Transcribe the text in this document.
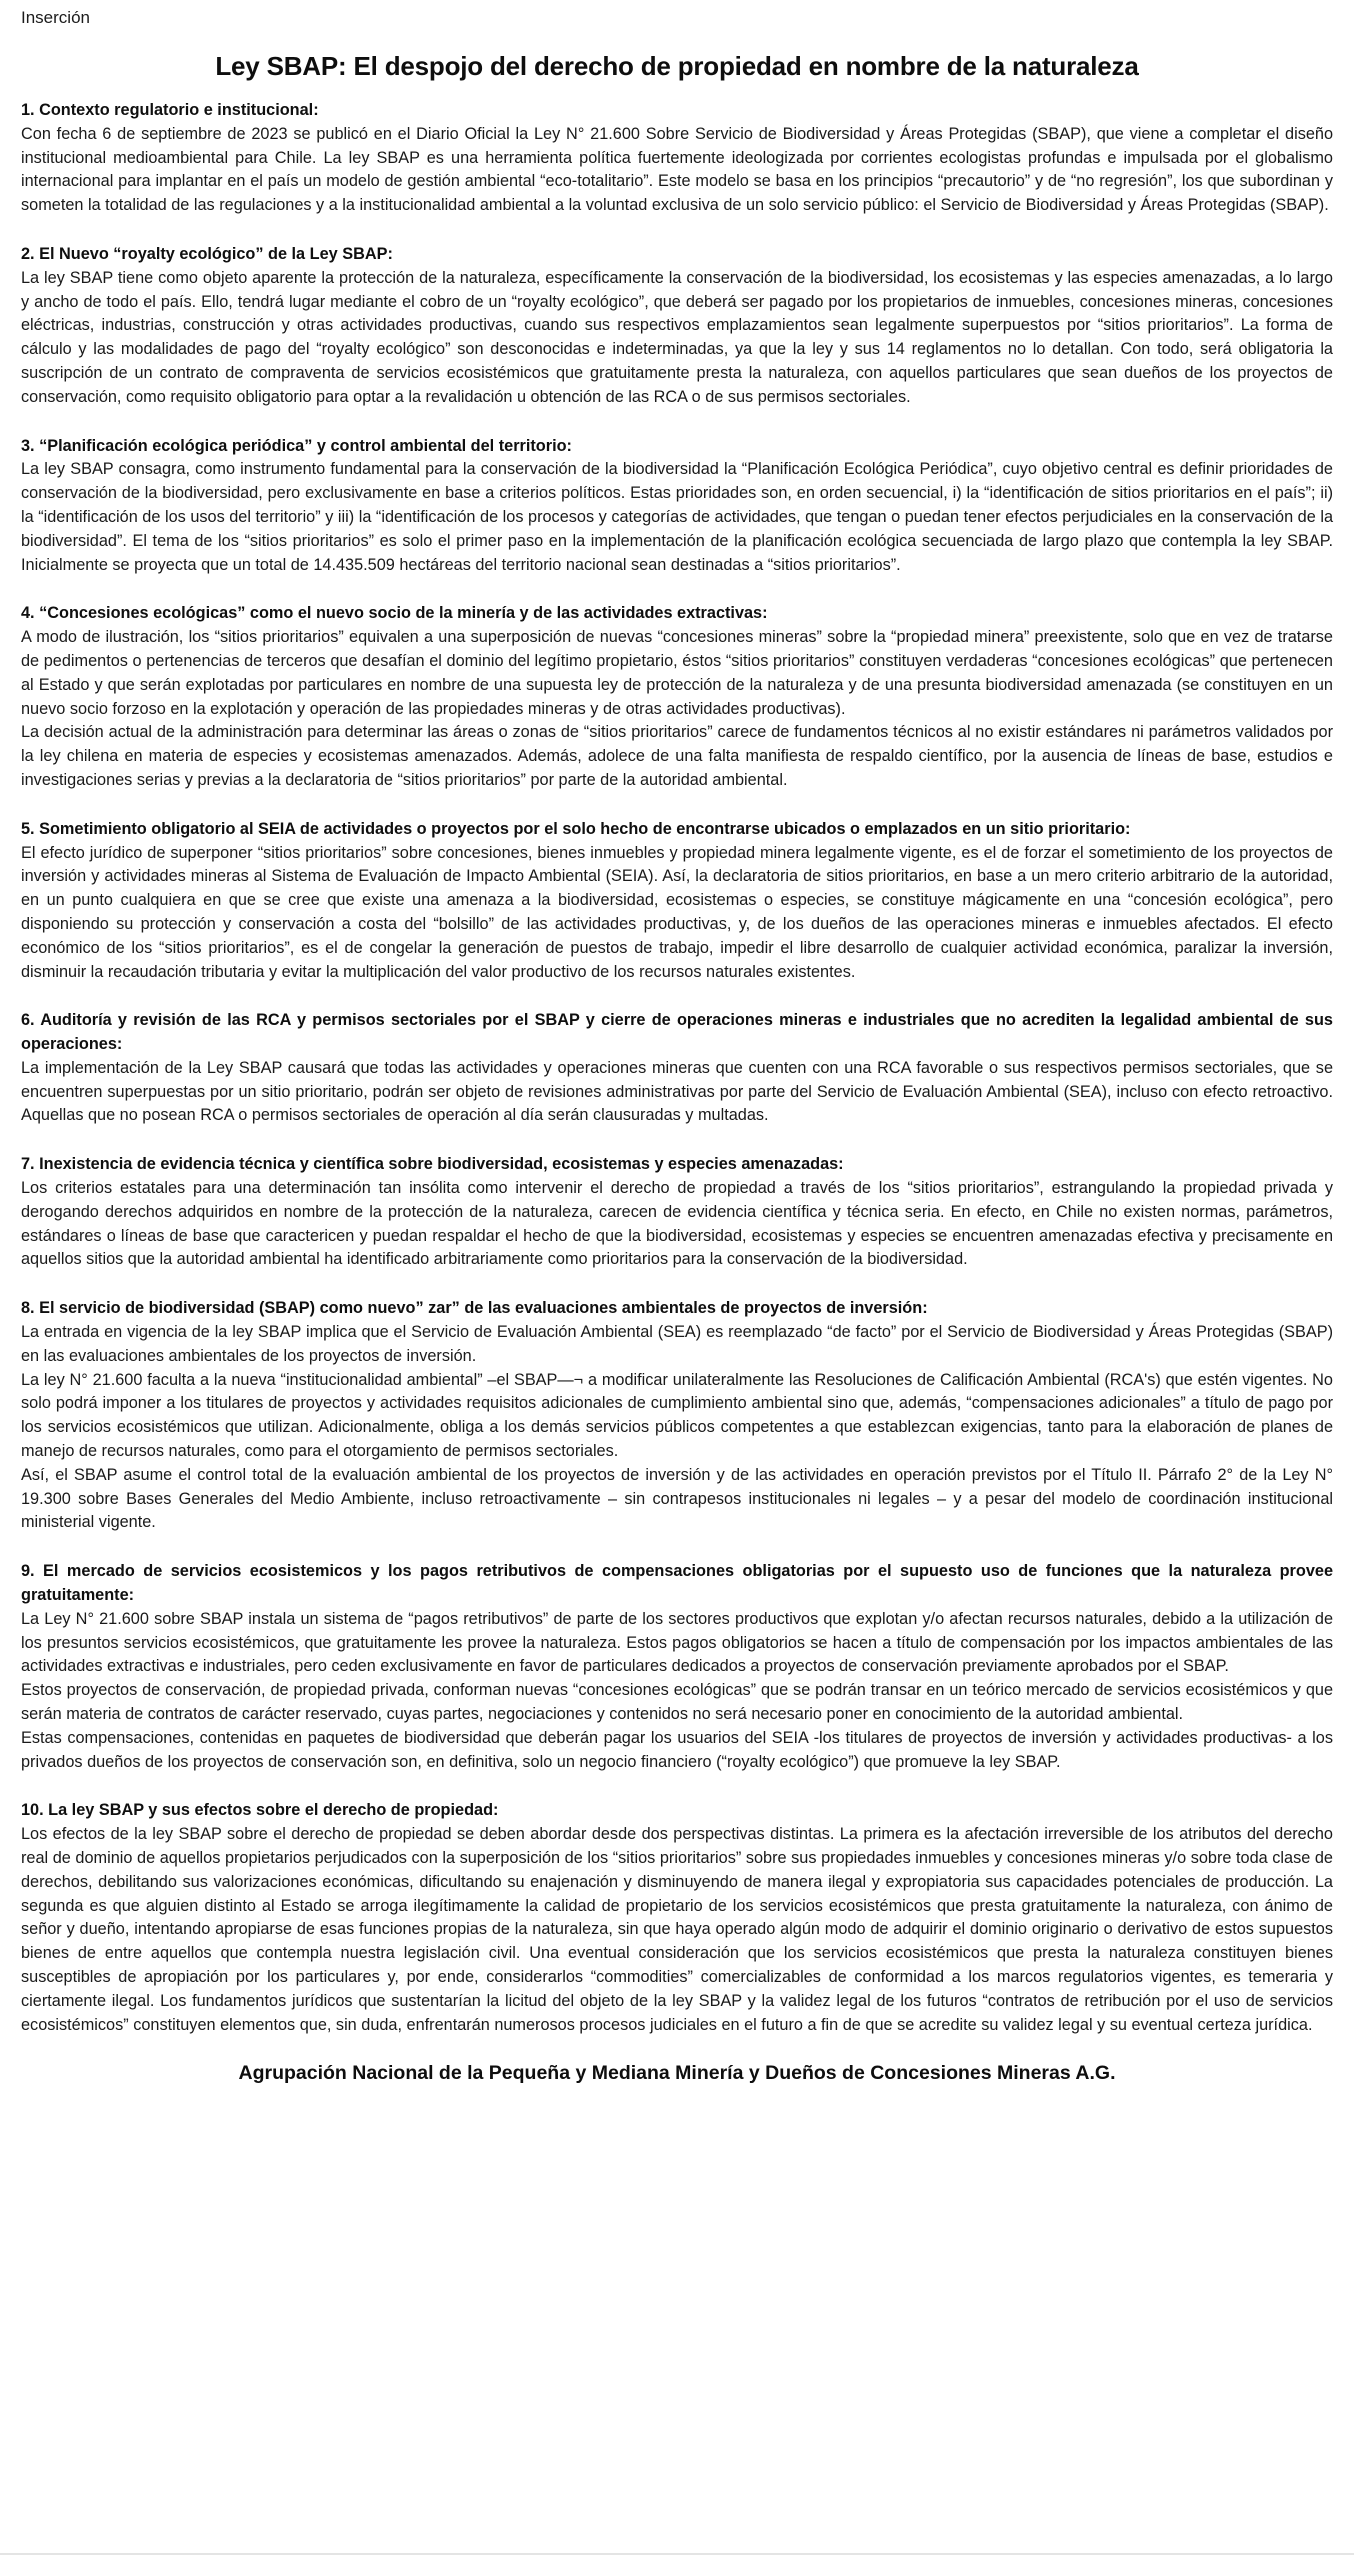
Inserción
Ley SBAP: El despojo del derecho de propiedad en nombre de la naturaleza
1. Contexto regulatorio e institucional:

Con fecha 6 de septiembre de 2023 se publicó en el Diario Oficial la Ley N° 21.600 Sobre Servicio de Biodiversidad y Áreas Protegidas (SBAP), que viene a completar el diseño institucional medioambiental para Chile. La ley SBAP es una herramienta política fuertemente ideologizada por corrientes ecologistas profundas e impulsada por el globalismo internacional para implantar en el país un modelo de gestión ambiental “eco-totalitario”. Este modelo se basa en los principios “precautorio” y de “no regresión”, los que subordinan y someten la totalidad de las regulaciones y a la institucionalidad ambiental a la voluntad exclusiva de un solo servicio público: el Servicio de Biodiversidad y Áreas Protegidas (SBAP).

2. El Nuevo “royalty ecológico” de la Ley SBAP:

La ley SBAP tiene como objeto aparente la protección de la naturaleza, específicamente la conservación de la biodiversidad, los ecosistemas y las especies amenazadas, a lo largo y ancho de todo el país. Ello, tendrá lugar mediante el cobro de un “royalty ecológico”, que deberá ser pagado por los propietarios de inmuebles, concesiones mineras, concesiones eléctricas, industrias, construcción y otras actividades productivas, cuando sus respectivos emplazamientos sean legalmente superpuestos por “sitios prioritarios”. La forma de cálculo y las modalidades de pago del “royalty ecológico” son desconocidas e indeterminadas, ya que la ley y sus 14 reglamentos no lo detallan. Con todo, será obligatoria la suscripción de un contrato de compraventa de servicios ecosistémicos que gratuitamente presta la naturaleza, con aquellos particulares que sean dueños de los proyectos de conservación, como requisito obligatorio para optar a la revalidación u obtención de las RCA o de sus permisos sectoriales.

3. “Planificación ecológica periódica” y control ambiental del territorio:

La ley SBAP consagra, como instrumento fundamental para la conservación de la biodiversidad la “Planificación Ecológica Periódica”, cuyo objetivo central es definir prioridades de conservación de la biodiversidad, pero exclusivamente en base a criterios políticos. Estas prioridades son, en orden secuencial, i) la “identificación de sitios prioritarios en el país”; ii) la “identificación de los usos del territorio” y iii) la “identificación de los procesos y categorías de actividades, que tengan o puedan tener efectos perjudiciales en la conservación de la biodiversidad”. El tema de los “sitios prioritarios” es solo el primer paso en la implementación de la planificación ecológica secuenciada de largo plazo que contempla la ley SBAP. Inicialmente se proyecta que un total de 14.435.509 hectáreas del territorio nacional sean destinadas a “sitios prioritarios”.

4. “Concesiones ecológicas” como el nuevo socio de la minería y de las actividades extractivas:

A modo de ilustración, los “sitios prioritarios” equivalen a una superposición de nuevas “concesiones mineras” sobre la “propiedad minera” preexistente, solo que en vez de tratarse de pedimentos o pertenencias de terceros que desafían el dominio del legítimo propietario, éstos “sitios prioritarios” constituyen verdaderas “concesiones ecológicas” que pertenecen al Estado y que serán explotadas por particulares en nombre de una supuesta ley de protección de la naturaleza y de una presunta biodiversidad amenazada (se constituyen en un nuevo socio forzoso en la explotación y operación de las propiedades mineras y de otras actividades productivas).

La decisión actual de la administración para determinar las áreas o zonas de “sitios prioritarios” carece de fundamentos técnicos al no existir estándares ni parámetros validados por la ley chilena en materia de especies y ecosistemas amenazados. Además, adolece de una falta manifiesta de respaldo científico, por la ausencia de líneas de base, estudios e investigaciones serias y previas a la declaratoria de “sitios prioritarios” por parte de la autoridad ambiental.

5. Sometimiento obligatorio al SEIA de actividades o proyectos por el solo hecho de encontrarse ubicados o emplazados en un sitio prioritario:

El efecto jurídico de superponer “sitios prioritarios” sobre concesiones, bienes inmuebles y propiedad minera legalmente vigente, es el de forzar el sometimiento de los proyectos de inversión y actividades mineras al Sistema de Evaluación de Impacto Ambiental (SEIA). Así, la declaratoria de sitios prioritarios, en base a un mero criterio arbitrario de la autoridad, en un punto cualquiera en que se cree que existe una amenaza a la biodiversidad, ecosistemas o especies, se constituye mágicamente en una “concesión ecológica”, pero disponiendo su protección y conservación a costa del “bolsillo” de las actividades productivas, y, de los dueños de las operaciones mineras e inmuebles afectados. El efecto económico de los “sitios prioritarios”, es el de congelar la generación de puestos de trabajo, impedir el libre desarrollo de cualquier actividad económica, paralizar la inversión, disminuir la recaudación tributaria y evitar la multiplicación del valor productivo de los recursos naturales existentes.

6. Auditoría y revisión de las RCA y permisos sectoriales por el SBAP y cierre de operaciones mineras e industriales que no acrediten la legalidad ambiental de sus operaciones:

La implementación de la Ley SBAP causará que todas las actividades y operaciones mineras que cuenten con una RCA favorable o sus respectivos permisos sectoriales, que se encuentren superpuestas por un sitio prioritario, podrán ser objeto de revisiones administrativas por parte del Servicio de Evaluación Ambiental (SEA), incluso con efecto retroactivo. Aquellas que no posean RCA o permisos sectoriales de operación al día serán clausuradas y multadas.

7. Inexistencia de evidencia técnica y científica sobre biodiversidad, ecosistemas y especies amenazadas:

Los criterios estatales para una determinación tan insólita como intervenir el derecho de propiedad a través de los “sitios prioritarios”, estrangulando la propiedad privada y derogando derechos adquiridos en nombre de la protección de la naturaleza, carecen de evidencia científica y técnica seria. En efecto, en Chile no existen normas, parámetros, estándares o líneas de base que caractericen y puedan respaldar el hecho de que la biodiversidad, ecosistemas y especies se encuentren amenazadas efectiva y precisamente en aquellos sitios que la autoridad ambiental ha identificado arbitrariamente como prioritarios para la conservación de la biodiversidad.

8. El servicio de biodiversidad (SBAP) como nuevo” zar” de las evaluaciones ambientales de proyectos de inversión:

La entrada en vigencia de la ley SBAP implica que el Servicio de Evaluación Ambiental (SEA) es reemplazado “de facto” por el Servicio de Biodiversidad y Áreas Protegidas (SBAP) en las evaluaciones ambientales de los proyectos de inversión.

La ley N° 21.600 faculta a la nueva “institucionalidad ambiental” –el SBAP—¬ a modificar unilateralmente las Resoluciones de Calificación Ambiental (RCA's) que estén vigentes. No solo podrá imponer a los titulares de proyectos y actividades requisitos adicionales de cumplimiento ambiental sino que, además, “compensaciones adicionales” a título de pago por los servicios ecosistémicos que utilizan. Adicionalmente, obliga a los demás servicios públicos competentes a que establezcan exigencias, tanto para la elaboración de planes de manejo de recursos naturales, como para el otorgamiento de permisos sectoriales.

Así, el SBAP asume el control total de la evaluación ambiental de los proyectos de inversión y de las actividades en operación previstos por el Título II. Párrafo 2° de la Ley N° 19.300 sobre Bases Generales del Medio Ambiente, incluso retroactivamente – sin contrapesos institucionales ni legales – y a pesar del modelo de coordinación institucional ministerial vigente.

9. El mercado de servicios ecosistemicos y los pagos retributivos de compensaciones obligatorias por el supuesto uso de funciones que la naturaleza provee gratuitamente:

La Ley N° 21.600 sobre SBAP instala un sistema de “pagos retributivos” de parte de los sectores productivos que explotan y/o afectan recursos naturales, debido a la utilización de los presuntos servicios ecosistémicos, que gratuitamente les provee la naturaleza. Estos pagos obligatorios se hacen a título de compensación por los impactos ambientales de las actividades extractivas e industriales, pero ceden exclusivamente en favor de particulares dedicados a proyectos de conservación previamente aprobados por el SBAP.

Estos proyectos de conservación, de propiedad privada, conforman nuevas “concesiones ecológicas” que se podrán transar en un teórico mercado de servicios ecosistémicos y que serán materia de contratos de carácter reservado, cuyas partes, negociaciones y contenidos no será necesario poner en conocimiento de la autoridad ambiental.

Estas compensaciones, contenidas en paquetes de biodiversidad que deberán pagar los usuarios del SEIA -los titulares de proyectos de inversión y actividades productivas- a los privados dueños de los proyectos de conservación son, en definitiva, solo un negocio financiero (“royalty ecológico”) que promueve la ley SBAP.

10. La ley SBAP y sus efectos sobre el derecho de propiedad:

Los efectos de la ley SBAP sobre el derecho de propiedad se deben abordar desde dos perspectivas distintas. La primera es la afectación irreversible de los atributos del derecho real de dominio de aquellos propietarios perjudicados con la superposición de los “sitios prioritarios” sobre sus propiedades inmuebles y concesiones mineras y/o sobre toda clase de derechos, debilitando sus valorizaciones económicas, dificultando su enajenación y disminuyendo de manera ilegal y expropiatoria sus capacidades potenciales de producción. La segunda es que alguien distinto al Estado se arroga ilegítimamente la calidad de propietario de los servicios ecosistémicos que presta gratuitamente la naturaleza, con ánimo de señor y dueño, intentando apropiarse de esas funciones propias de la naturaleza, sin que haya operado algún modo de adquirir el dominio originario o derivativo de estos supuestos bienes de entre aquellos que contempla nuestra legislación civil. Una eventual consideración que los servicios ecosistémicos que presta la naturaleza constituyen bienes susceptibles de apropiación por los particulares y, por ende, considerarlos “commodities” comercializables de conformidad a los marcos regulatorios vigentes, es temeraria y ciertamente ilegal. Los fundamentos jurídicos que sustentarían la licitud del objeto de la ley SBAP y la validez legal de los futuros “contratos de retribución por el uso de servicios ecosistémicos” constituyen elementos que, sin duda, enfrentarán numerosos procesos judiciales en el futuro a fin de que se acredite su validez legal y su eventual certeza jurídica.

Agrupación Nacional de la Pequeña y Mediana Minería y Dueños de Concesiones Mineras A.G.
